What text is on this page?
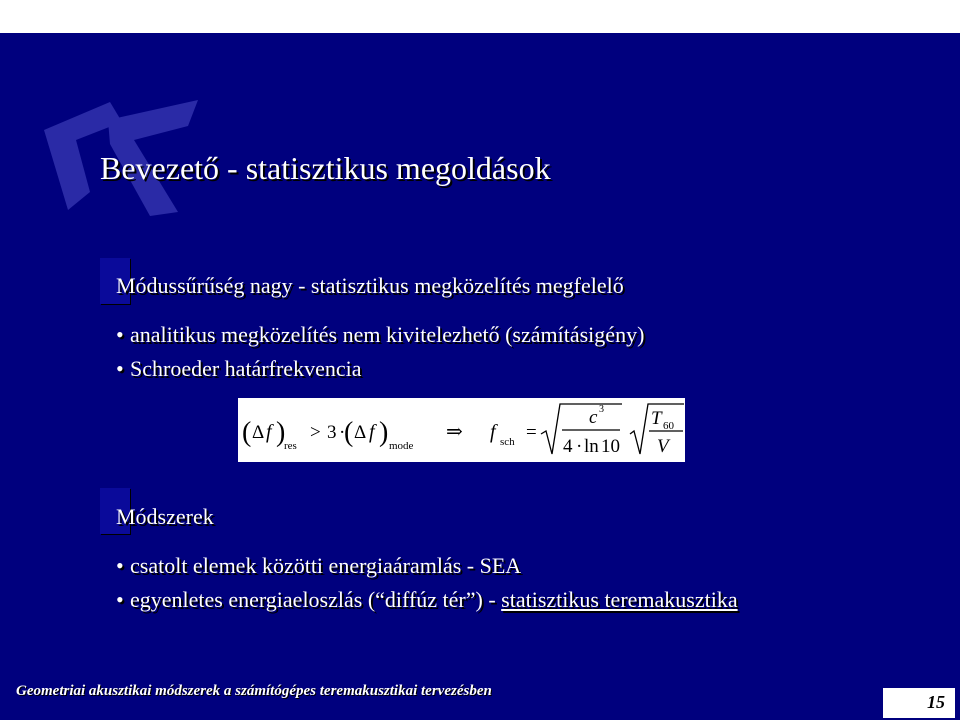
Bevezető - statisztikus megoldások
Módussűrűség nagy - statisztikus megközelítés megfelelő
• analitikus megközelítés nem kivitelezhető (számításigény)
• Schroeder határfrekvencia
( Δ f )
res
> 3 ·
( Δ f ) mode
⇒ f sch =
c 3
4 · ln 10
T 60
V
Módszerek
• csatolt elemek közötti energiaáramlás - SEA
• egyenletes energiaeloszlás (“diffúz tér”) - statisztikus teremakusztika
Geometriai akusztikai módszerek a számítógépes teremakusztikai tervezésben
15
